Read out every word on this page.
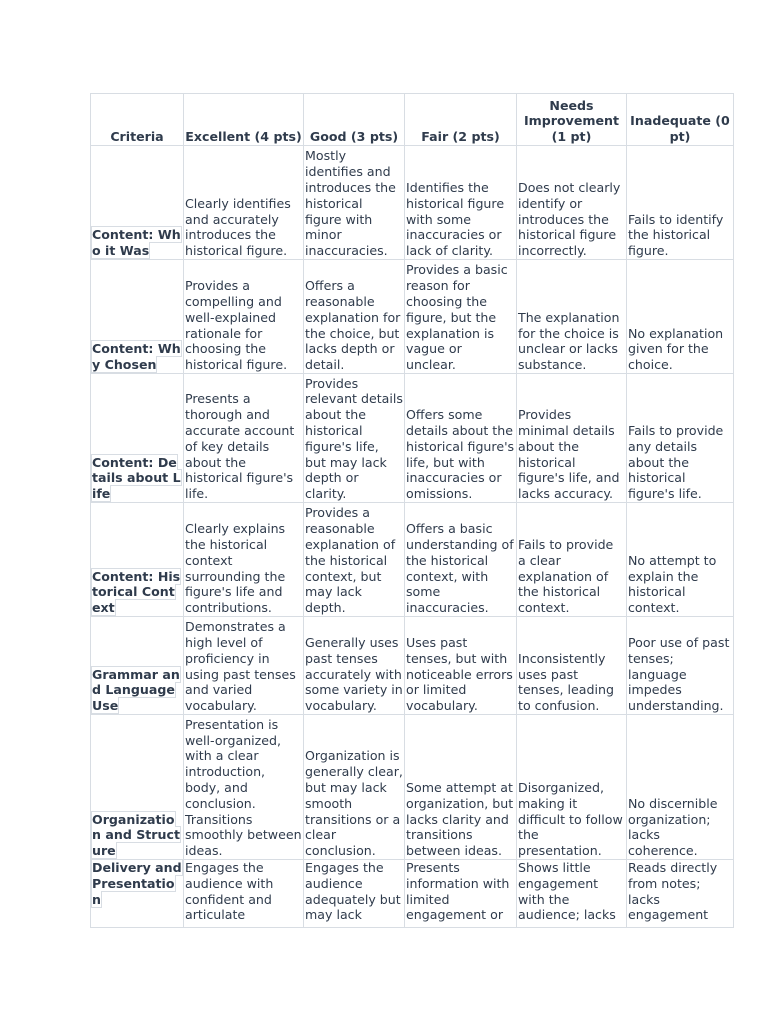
Criteria	Excellent (4 pts)	Good (3 pts)	Fair (2 pts)	Needs Improvement (1 pt)	Inadequate (0 pt)
Content: Who it Was	Clearly identifies and accurately introduces the historical figure.	Mostly identifies and introduces the historical figure with minor inaccuracies.	Identifies the historical figure with some inaccuracies or lack of clarity.	Does not clearly identify or introduces the historical figure incorrectly.	Fails to identify the historical figure.
Content: Why Chosen	Provides a compelling and well-explained rationale for choosing the historical figure.	Offers a reasonable explanation for the choice, but lacks depth or detail.	Provides a basic reason for choosing the figure, but the explanation is vague or unclear.	The explanation for the choice is unclear or lacks substance.	No explanation given for the choice.
Content: Details about Life	Presents a thorough and accurate account of key details about the historical figure's life.	Provides relevant details about the historical figure's life, but may lack depth or clarity.	Offers some details about the historical figure's life, but with inaccuracies or omissions.	Provides minimal details about the historical figure's life, and lacks accuracy.	Fails to provide any details about the historical figure's life.
Content: Historical Context	Clearly explains the historical context surrounding the figure's life and contributions.	Provides a reasonable explanation of the historical context, but may lack depth.	Offers a basic understanding of the historical context, with some inaccuracies.	Fails to provide a clear explanation of the historical context.	No attempt to explain the historical context.
Grammar and Language Use	Demonstrates a high level of proficiency in using past tenses and varied vocabulary.	Generally uses past tenses accurately with some variety in vocabulary.	Uses past tenses, but with noticeable errors or limited vocabulary.	Inconsistently uses past tenses, leading to confusion.	Poor use of past tenses; language impedes understanding.
Organization and Structure	Presentation is well-organized, with a clear introduction, body, and conclusion. Transitions smoothly between ideas.	Organization is generally clear, but may lack smooth transitions or a clear conclusion.	Some attempt at organization, but lacks clarity and transitions between ideas.	Disorganized, making it difficult to follow the presentation.	No discernible organization; lacks coherence.
Delivery and Presentation	Engages the audience with confident and articulate	Engages the audience adequately but may lack	Presents information with limited engagement or	Shows little engagement with the audience; lacks	Reads directly from notes; lacks engagement
